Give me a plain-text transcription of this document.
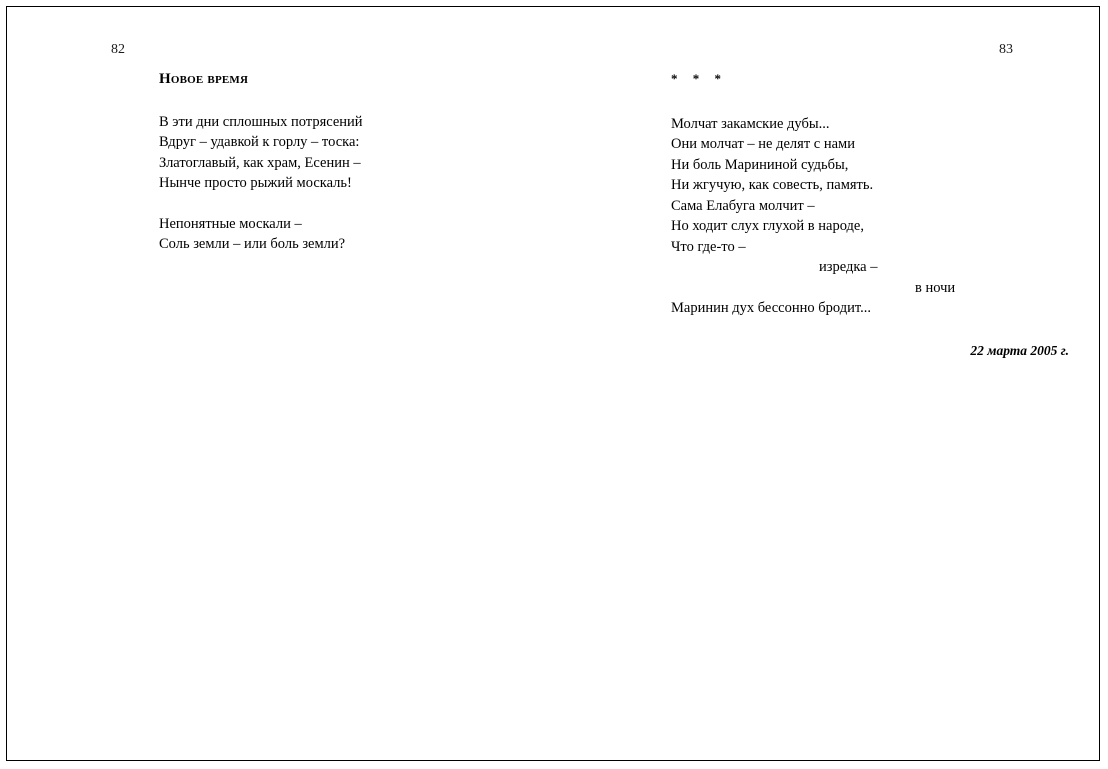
82	83
Новое время
В эти дни сплошных потрясений
Вдруг – удавкой к горлу – тоска:
Златоглавый, как храм, Есенин –
Нынче просто рыжий москаль!
Непонятные москали –
Соль земли – или боль земли?
* * *
Молчат закамские дубы...
Они молчат – не делят с нами
Ни боль Марининой судьбы,
Ни жгучую, как совесть, память.
Сама Елабуга молчит –
Но ходит слух глухой в народе,
Что где-то –
изредка –
в ночи
Маринин дух бессонно бродит...
22 марта 2005 г.
